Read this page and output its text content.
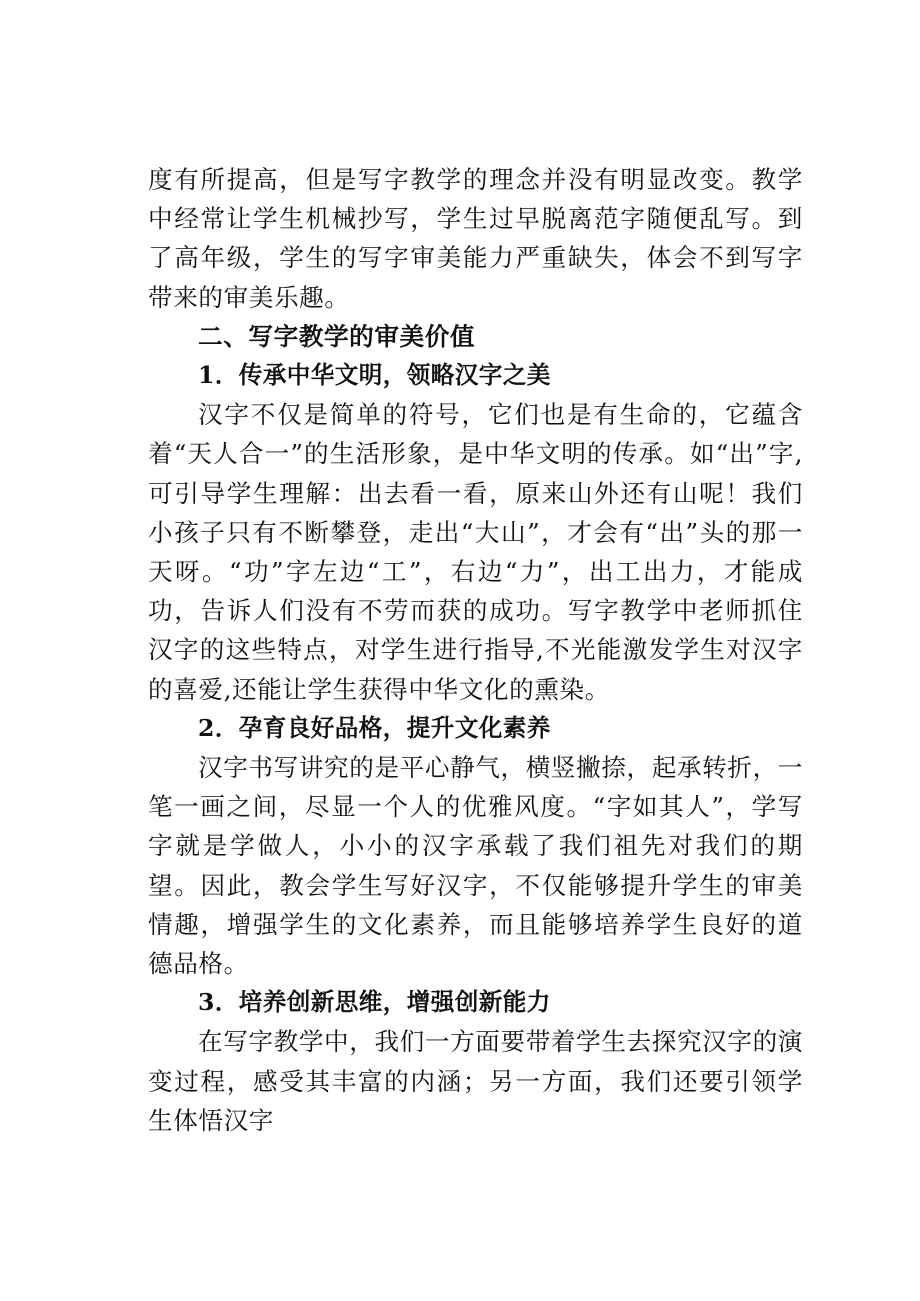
度有所提高，但是写字教学的理念并没有明显改变。教学中经常让学生机械抄写，学生过早脱离范字随便乱写。到了高年级，学生的写字审美能力严重缺失，体会不到写字带来的审美乐趣。

二、写字教学的审美价值
1．传承中华文明，领略汉字之美

汉字不仅是简单的符号，它们也是有生命的，它蕴含着“天人合一”的生活形象，是中华文明的传承。如“出”字,可引导学生理解：出去看一看，原来山外还有山呢！我们小孩子只有不断攀登，走出“大山”，才会有“出”头的那一天呀。“功”字左边“工”，右边“力”，出工出力，才能成功，告诉人们没有不劳而获的成功。写字教学中老师抓住汉字的这些特点，对学生进行指导,不光能激发学生对汉字的喜爱,还能让学生获得中华文化的熏染。

2．孕育良好品格，提升文化素养

汉字书写讲究的是平心静气，横竖撇捺，起承转折，一笔一画之间，尽显一个人的优雅风度。“字如其人”，学写字就是学做人，小小的汉字承载了我们祖先对我们的期望。因此，教会学生写好汉字，不仅能够提升学生的审美情趣，增强学生的文化素养，而且能够培养学生良好的道德品格。

3．培养创新思维，增强创新能力

在写字教学中，我们一方面要带着学生去探究汉字的演变过程，感受其丰富的内涵；另一方面，我们还要引领学生体悟汉字
